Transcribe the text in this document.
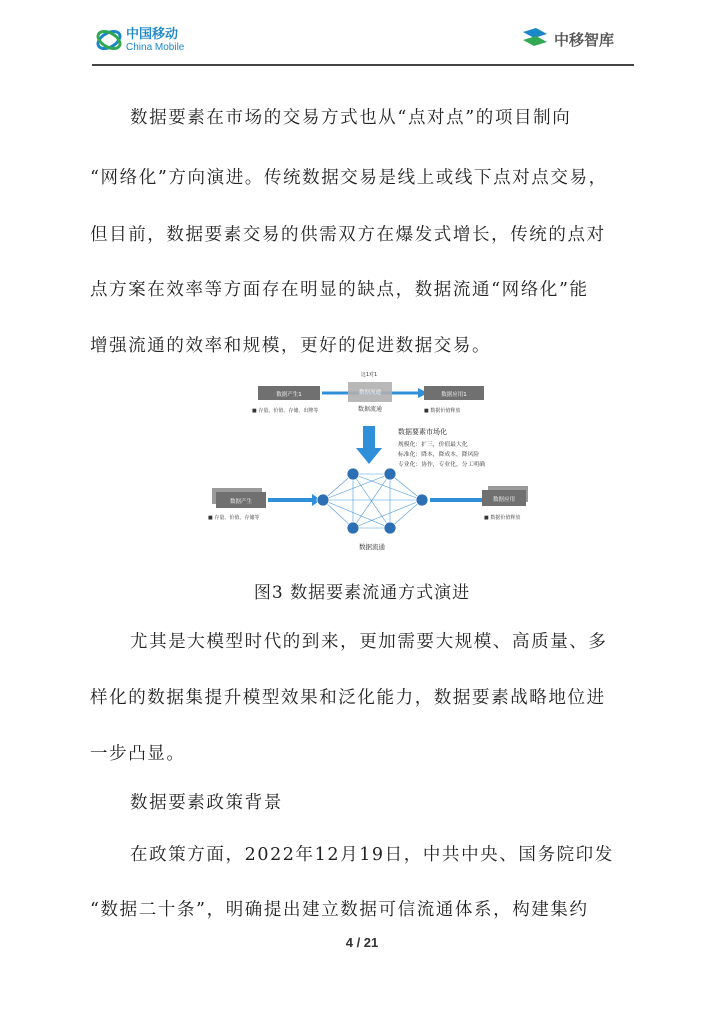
中国移动
China Mobile	中移智库
数据要素在市场的交易方式也从“点对点”的项目制向
“网络化”方向演进。传统数据交易是线上或线下点对点交易，
但目前，数据要素交易的供需双方在爆发式增长，传统的点对
点方案在效率等方面存在明显的缺点，数据流通“网络化”能
增强流通的效率和规模，更好的促进数据交易。
数据产生1
■ 存量、价值、存储、出牌等
这1对1
数据流通
数据流通
数据应用1
■ 数据价值释放
数据要素市场化
规模化：扩三，价值最大化
标准化：降本，降成本，降风险
专业化：协作，专业化，分工明确
数据产生
■ 存量、价值、存储等
数据应用
■ 数据价值释放
数据流通
图3 数据要素流通方式演进
尤其是大模型时代的到来，更加需要大规模、高质量、多
样化的数据集提升模型效果和泛化能力，数据要素战略地位进
一步凸显。
数据要素政策背景
在政策方面，2022年12月19日，中共中央、国务院印发
“数据二十条”，明确提出建立数据可信流通体系，构建集约
4 / 21
